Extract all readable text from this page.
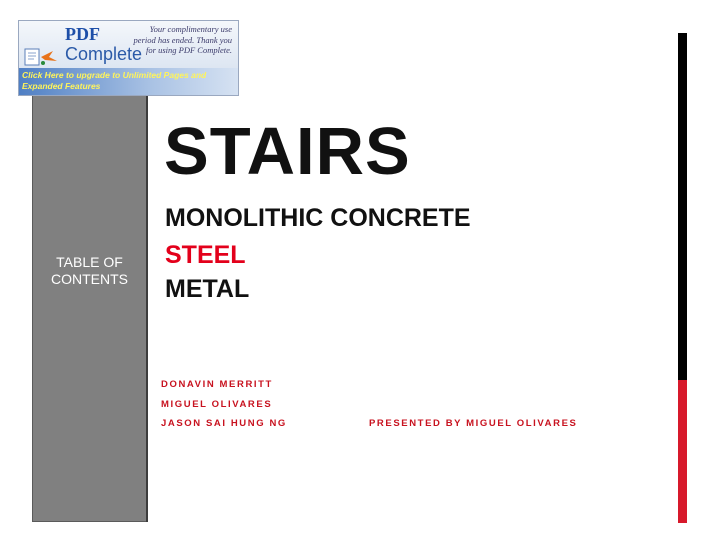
TABLE OF CONTENTS
PDF
Complete
Your complimentary use period has ended. Thank you for using PDF Complete.
Click Here to upgrade to Unlimited Pages and Expanded Features
STAIRS
MONOLITHIC CONCRETE
STEEL
METAL
DONAVIN MERRITT
MIGUEL OLIVARES
JASON SAI HUNG NG	PRESENTED BY MIGUEL OLIVARES
